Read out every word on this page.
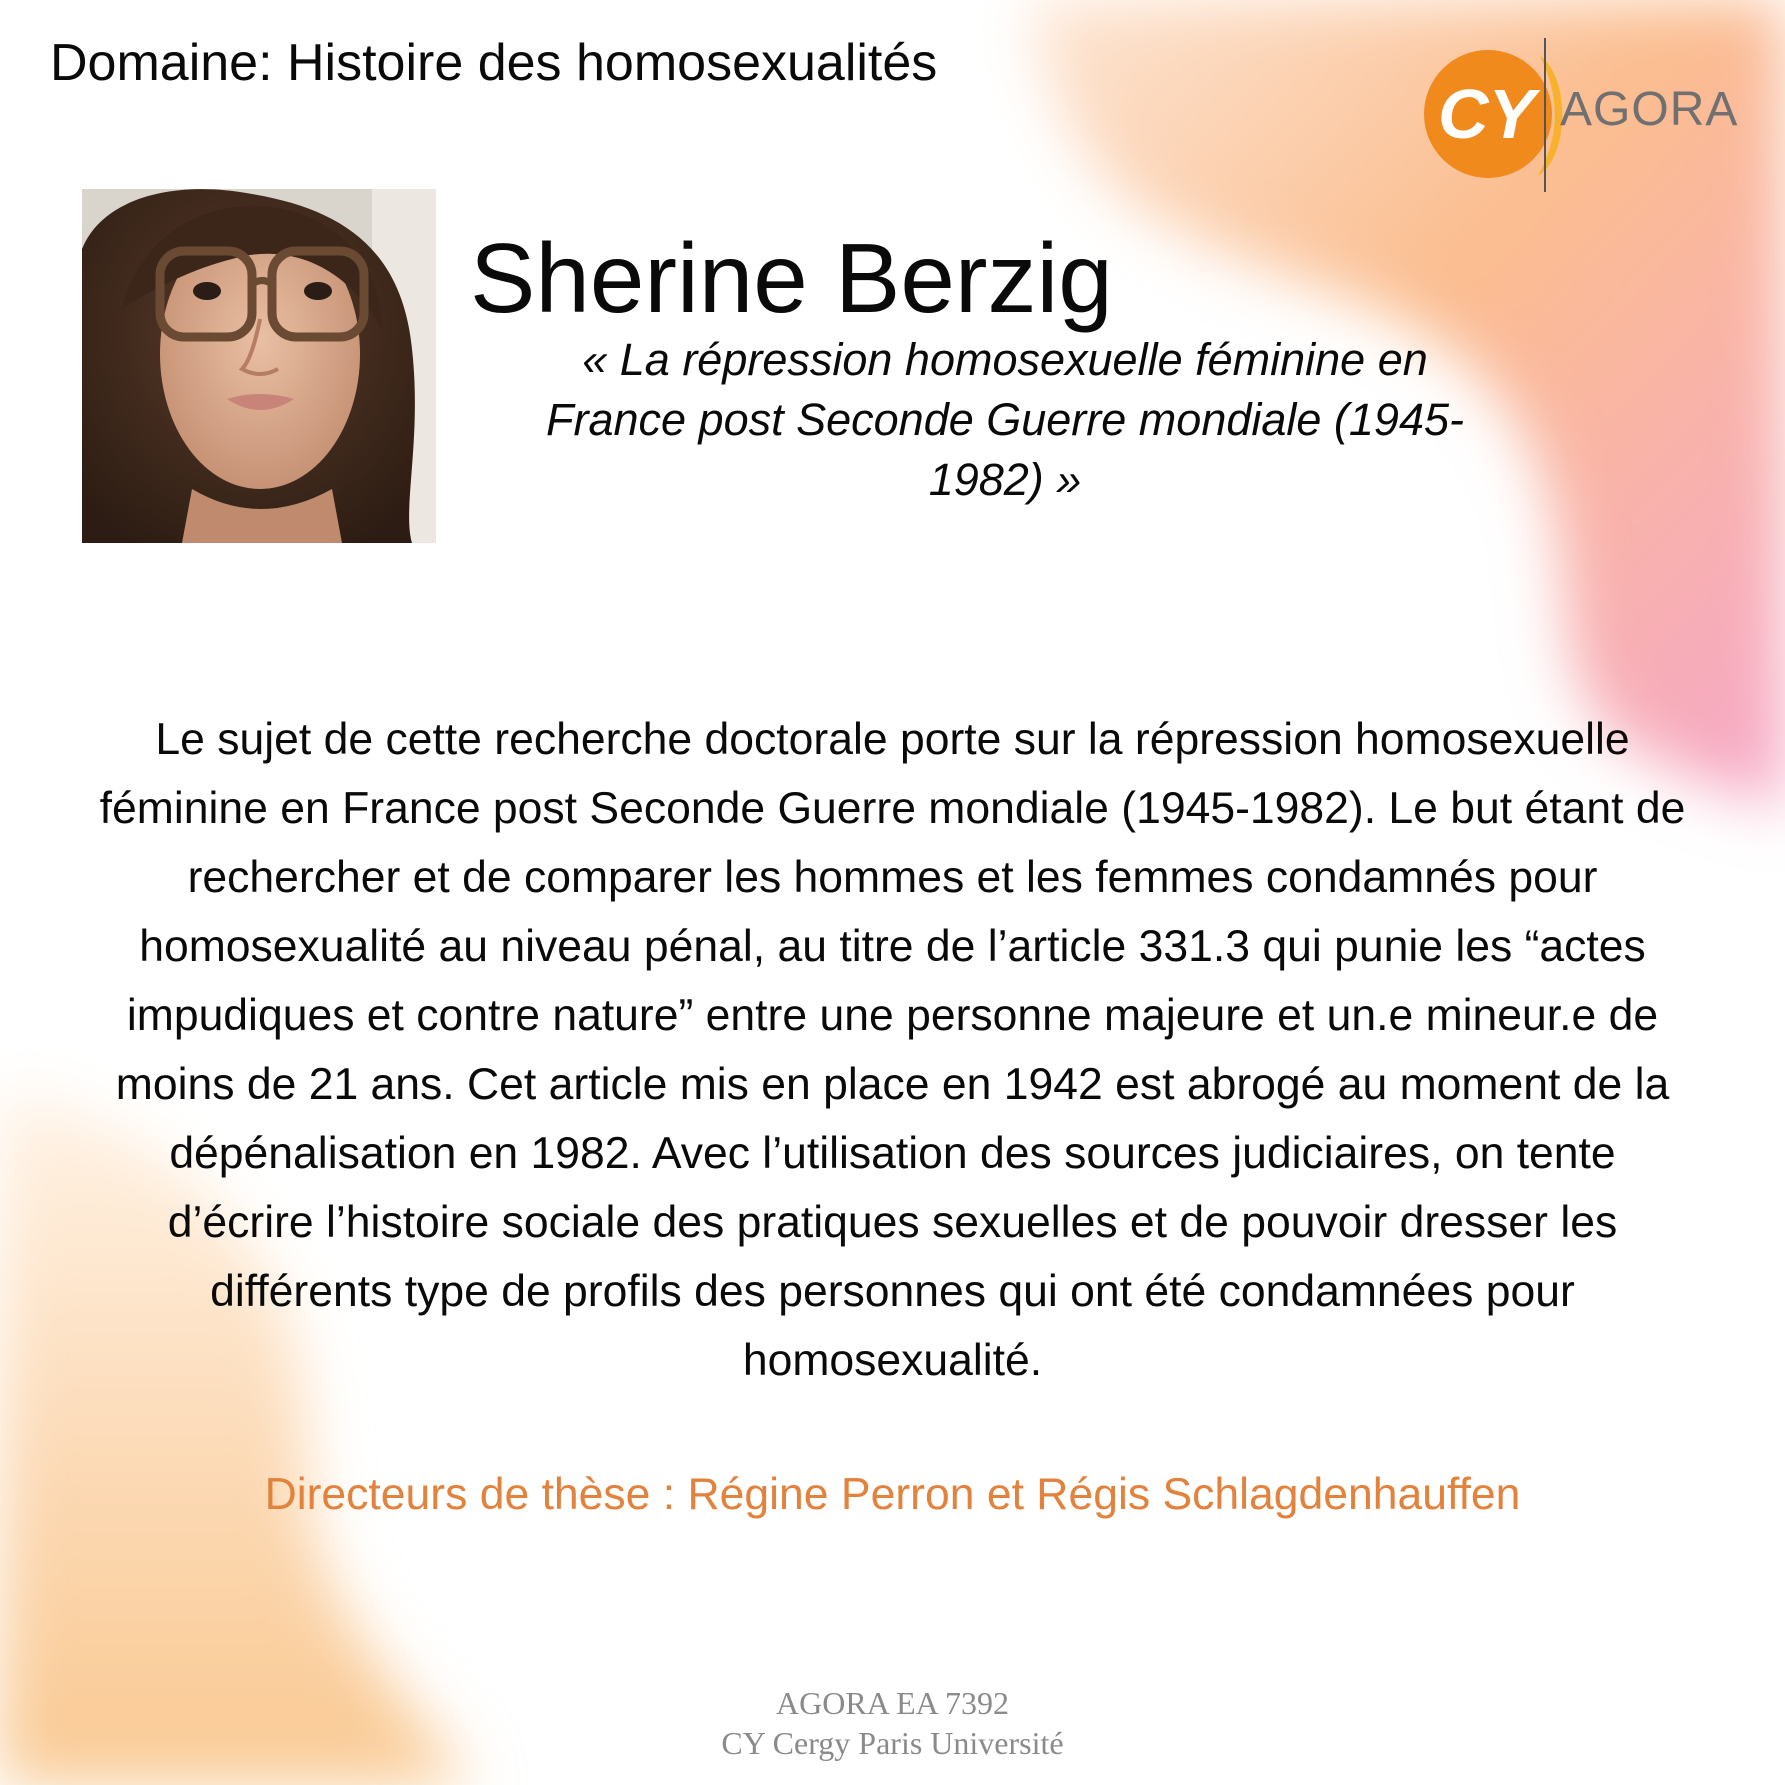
Domaine: Histoire des homosexualités
CY AGORA
Sherine Berzig
« La répression homosexuelle féminine en France post Seconde Guerre mondiale (1945-1982) »
Le sujet de cette recherche doctorale porte sur la répression homosexuelle
féminine en France post Seconde Guerre mondiale (1945-1982). Le but étant de
rechercher et de comparer les hommes et les femmes condamnés pour
homosexualité au niveau pénal, au titre de l’article 331.3 qui punie les “actes
impudiques et contre nature” entre une personne majeure et un.e mineur.e de
moins de 21 ans. Cet article mis en place en 1942 est abrogé au moment de la
dépénalisation en 1982. Avec l’utilisation des sources judiciaires, on tente
d’écrire l’histoire sociale des pratiques sexuelles et de pouvoir dresser les
différents type de profils des personnes qui ont été condamnées pour
homosexualité.
Directeurs de thèse : Régine Perron et Régis Schlagdenhauffen
AGORA EA 7392
CY Cergy Paris Université
